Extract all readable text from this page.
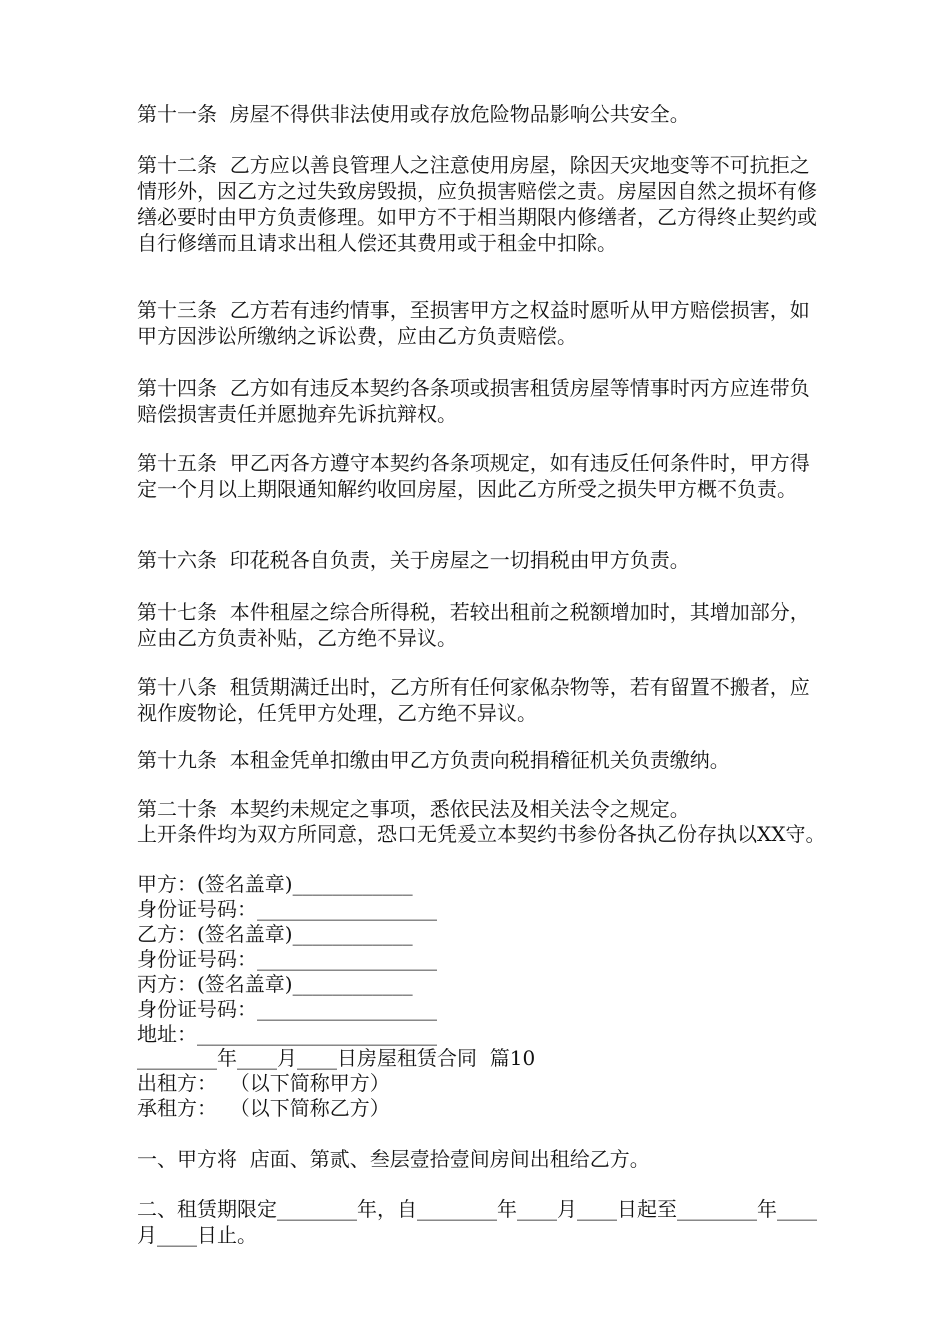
第十一条  房屋不得供非法使用或存放危险物品影响公共安全。

第十二条  乙方应以善良管理人之注意使用房屋，除因天灾地变等不可抗拒之情形外，因乙方之过失致房毁损，应负损害赔偿之责。房屋因自然之损坏有修缮必要时由甲方负责修理。如甲方不于相当期限内修缮者，乙方得终止契约或自行修缮而且请求出租人偿还其费用或于租金中扣除。

第十三条  乙方若有违约情事，至损害甲方之权益时愿听从甲方赔偿损害，如甲方因涉讼所缴纳之诉讼费，应由乙方负责赔偿。

第十四条  乙方如有违反本契约各条项或损害租赁房屋等情事时丙方应连带负赔偿损害责任并愿抛弃先诉抗辩权。

第十五条  甲乙丙各方遵守本契约各条项规定，如有违反任何条件时，甲方得定一个月以上期限通知解约收回房屋，因此乙方所受之损失甲方概不负责。

第十六条  印花税各自负责，关于房屋之一切捐税由甲方负责。

第十七条  本件租屋之综合所得税，若较出租前之税额增加时，其增加部分，应由乙方负责补贴，乙方绝不异议。

第十八条  租赁期满迁出时，乙方所有任何家俬杂物等，若有留置不搬者，应视作废物论，任凭甲方处理，乙方绝不异议。

第十九条  本租金凭单扣缴由甲乙方负责向税捐稽征机关负责缴纳。

第二十条  本契约未规定之事项，悉依民法及相关法令之规定。

上开条件均为双方所同意，恐口无凭爰立本契约书参份各执乙份存执以XX守。

甲方：(签名盖章)____________

身份证号码：__________________

乙方：(签名盖章)____________

身份证号码：__________________

丙方：(签名盖章)____________

身份证号码：__________________

地址：________________________

________年____月____日房屋租赁合同  篇10

出租方：  （以下简称甲方）

承租方：  （以下简称乙方）

一、甲方将  店面、第贰、叁层壹拾壹间房间出租给乙方。

二、租赁期限定________年，自________年____月____日起至________年____月____日止。
